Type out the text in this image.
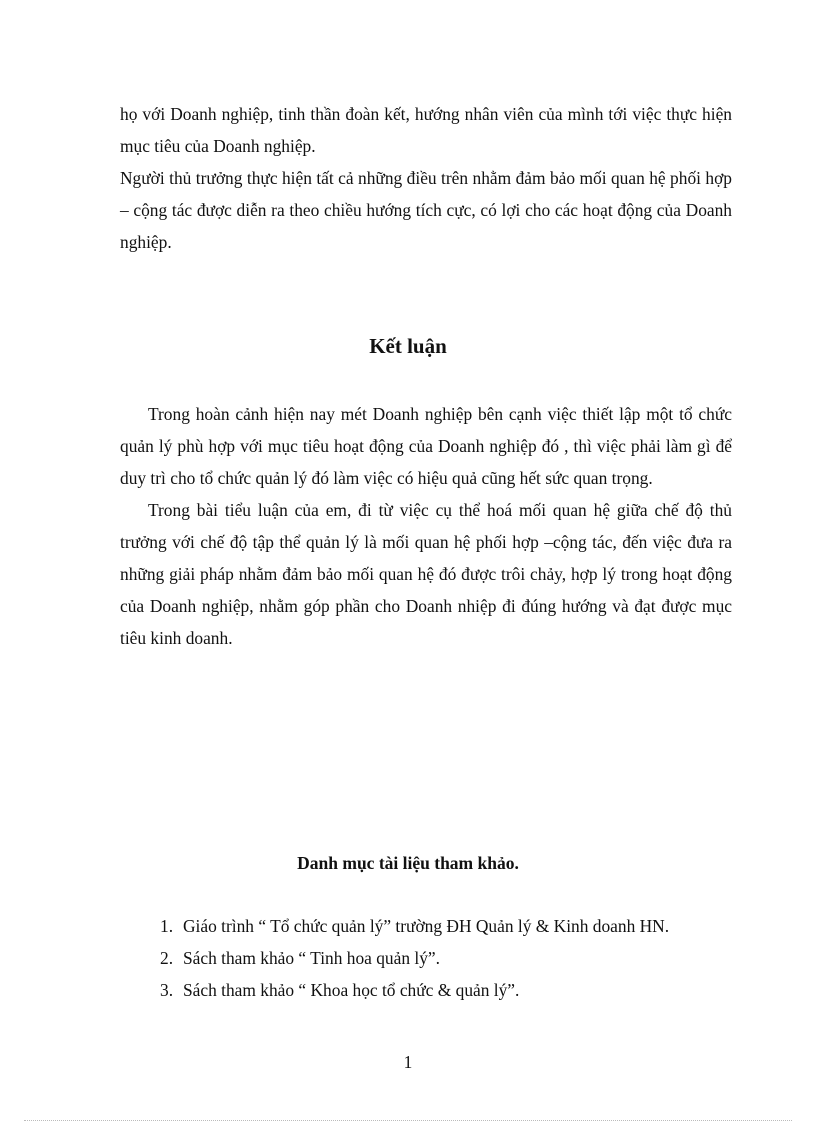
họ với Doanh nghiệp, tinh thần đoàn kết, hướng nhân viên của mình tới việc thực hiện mục tiêu của Doanh nghiệp.

Người thủ trưởng thực hiện tất cả những điều trên nhằm đảm bảo mối quan hệ phối hợp – cộng tác được diễn ra theo chiều hướng tích cực, có lợi cho các hoạt động của Doanh nghiệp.

Kết luận

Trong hoàn cảnh hiện nay mét Doanh nghiệp bên cạnh việc thiết lập một tổ chức quản lý phù hợp với mục tiêu hoạt động của Doanh nghiệp đó , thì việc phải làm gì để duy trì cho tổ chức quản lý đó làm việc có hiệu quả cũng hết sức quan trọng.

Trong bài tiểu luận của em, đi từ việc cụ thể hoá mối quan hệ giữa chế độ thủ trưởng với chế độ tập thể quản lý là mối quan hệ phối hợp –cộng tác, đến việc đưa ra những giải pháp nhằm đảm bảo mối quan hệ đó được trôi chảy, hợp lý trong hoạt động của Doanh nghiệp, nhằm góp phần cho Doanh nhiệp đi đúng hướng và đạt được mục tiêu kinh doanh.

Danh mục tài liệu tham khảo.
1. Giáo trình “ Tổ chức quản lý” trường ĐH Quản lý & Kinh doanh HN.
2. Sách tham khảo “ Tinh hoa quản lý”.
3. Sách tham khảo “ Khoa học tổ chức & quản lý”.
1
